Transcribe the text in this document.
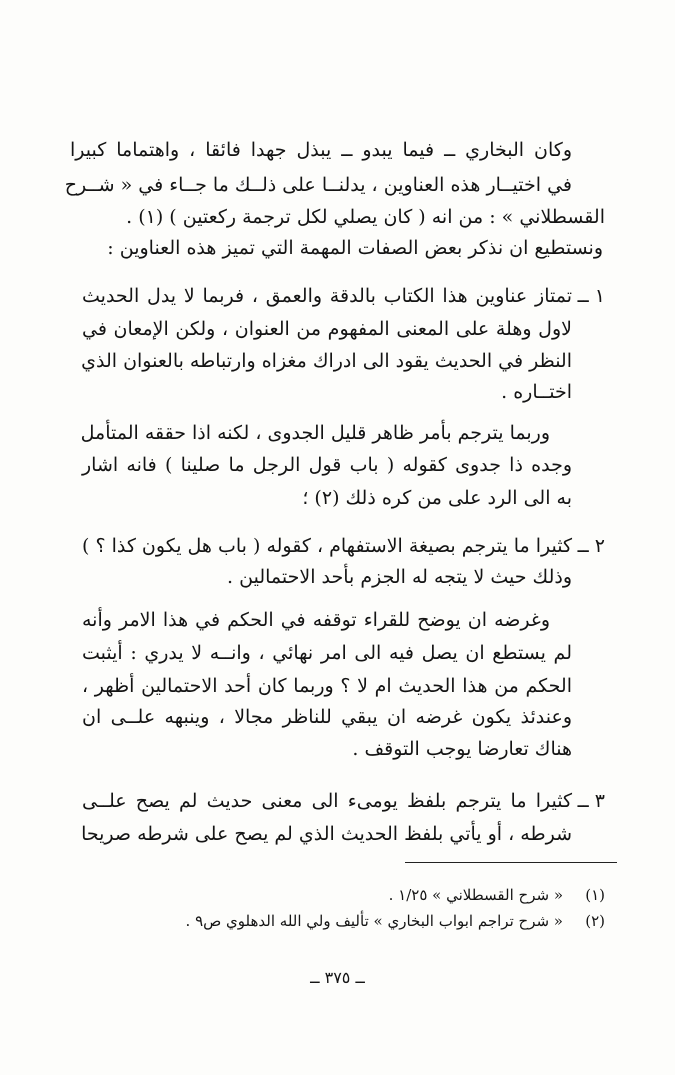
وكان البخاري ــ فيما يبدو ــ يبذل جهدا فائقا ، واهتماما كبيرا
في اختيــار هذه العناوين ، يدلنــا على ذلــك ما جــاء في « شــرح
القسطلاني » : من انه ( كان يصلي لكل ترجمة ركعتين ) (١) .
ونستطيع ان نذكر بعض الصفات المهمة التي تميز هذه العناوين :
١ ــ
تمتاز عناوين هذا الكتاب بالدقة والعمق ، فربما لا يدل الحديث
لاول وهلة على المعنى المفهوم من العنوان ، ولكن الإمعان في
النظر في الحديث يقود الى ادراك مغزاه وارتباطه بالعنوان الذي
اختــاره .
وربما يترجم بأمر ظاهر قليل الجدوى ، لكنه اذا حققه المتأمل
وجده ذا جدوى كقوله ( باب قول الرجل ما صلينا ) فانه اشار
به الى الرد على من كره ذلك (٢) ؛
٢ ــ
كثيرا ما يترجم بصيغة الاستفهام ، كقوله ( باب هل يكون كذا ؟ )
وذلك حيث لا يتجه له الجزم بأحد الاحتمالين .
وغرضه ان يوضح للقراء توقفه في الحكم في هذا الامر وأنه
لم يستطع ان يصل فيه الى امر نهائي ، وانــه لا يدري : أيثبت
الحكم من هذا الحديث ام لا ؟ وربما كان أحد الاحتمالين أظهر ،
وعندئذ يكون غرضه ان يبقي للناظر مجالا ، وينبهه علــى ان
هناك تعارضا يوجب التوقف .
٣ ــ
كثيرا ما يترجم بلفظ يومىء الى معنى حديث لم يصح علــى
شرطه ، أو يأتي بلفظ الحديث الذي لم يصح على شرطه صريحا
(١)
« شرح القسطلاني » ١/٢٥ .
(٢)
« شرح تراجم ابواب البخاري » تأليف ولي الله الدهلوي ص٩ .
ــ ٣٧٥ ــ
